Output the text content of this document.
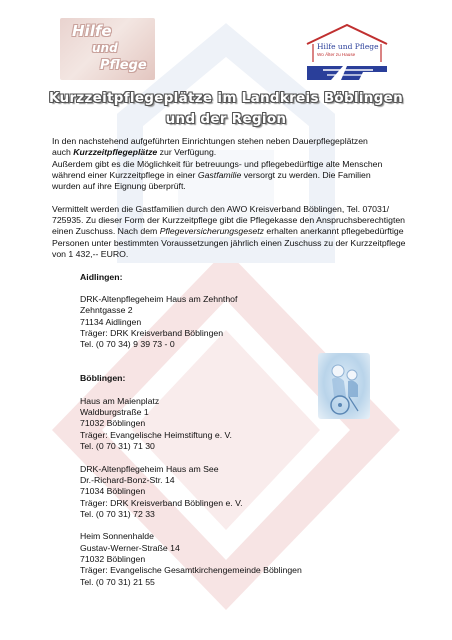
Hilfe
und
Pflege
Hilfe und Pflege
Wo Älter zu Hause
Kurzzeitpflegeplätze im Landkreis Böblingen
und der Region

In den nachstehend aufgeführten Einrichtungen stehen neben Dauerpflegeplätzen

auch Kurzzeitpflegeplätze zur Verfügung.

Außerdem gibt es die Möglichkeit für betreuungs- und pflegebedürftige alte Menschen

während einer Kurzzeitpflege in einer Gastfamilie versorgt zu werden. Die Familien

wurden auf ihre Eignung überprüft.

Vermittelt werden die Gastfamilien durch den AWO Kreisverband Böblingen, Tel. 07031/

725935. Zu dieser Form der Kurzzeitpflege gibt die Pflegekasse den Anspruchsberechtigten

einen Zuschuss. Nach dem Pflegeversicherungsgesetz erhalten anerkannt pflegebedürftige

Personen unter bestimmten Voraussetzungen jährlich einen Zuschuss zu der Kurzzeitpflege

von 1 432,-- EURO.

Aidlingen:

DRK-Altenpflegeheim Haus am Zehnthof

Zehntgasse 2

71134 Aidlingen

Träger: DRK Kreisverband Böblingen

Tel. (0 70 34) 9 39 73 - 0

Böblingen:

Haus am Maienplatz

Waldburgstraße 1

71032 Böblingen

Träger: Evangelische Heimstiftung e. V.

Tel. (0 70 31) 71 30

DRK-Altenpflegeheim Haus am See

Dr.-Richard-Bonz-Str. 14

71034 Böblingen

Träger: DRK Kreisverband Böblingen e. V.

Tel. (0 70 31) 72 33

Heim Sonnenhalde

Gustav-Werner-Straße 14

71032 Böblingen

Träger: Evangelische Gesamtkirchengemeinde Böblingen

Tel. (0 70 31) 21 55
